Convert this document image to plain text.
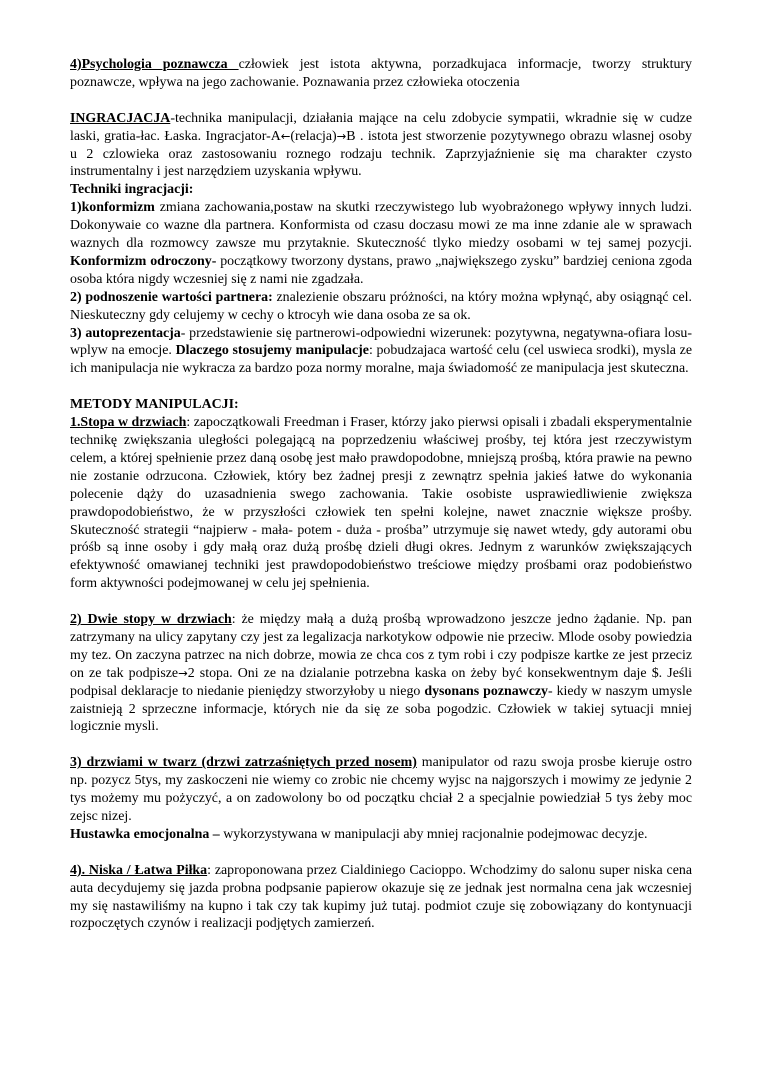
4)Psychologia poznawcza człowiek jest istota aktywna, porzadkujaca informacje, tworzy struktury poznawcze, wpływa na jego zachowanie. Poznawania przez człowieka otoczenia

INGRACJACJA-technika manipulacji, działania mające na celu zdobycie sympatii, wkradnie się w cudze laski, gratia-łac. Łaska. Ingracjator-A←(relacja)→B . istota jest stworzenie pozytywnego obrazu wlasnej osoby u 2 czlowieka oraz zastosowaniu roznego rodzaju technik. Zaprzyjaźnienie się ma charakter czysto instrumentalny i jest narzędziem uzyskania wpływu.

Techniki ingracjacji:

1)konformizm zmiana zachowania,postaw na skutki rzeczywistego lub wyobrażonego wpływy innych ludzi. Dokonywaie co wazne dla partnera. Konformista od czasu doczasu mowi ze ma inne zdanie ale w sprawach waznych dla rozmowcy zawsze mu przytaknie. Skuteczność tlyko miedzy osobami w tej samej pozycji. Konformizm odroczony- początkowy tworzony dystans, prawo „największego zysku” bardziej ceniona zgoda osoba która nigdy wczesniej się z nami nie zgadzała.

2) podnoszenie wartości partnera: znalezienie obszaru próżności, na który można wpłynąć, aby osiągnąć cel. Nieskuteczny gdy celujemy w cechy o ktrocyh wie dana osoba ze sa ok.

3) autoprezentacja- przedstawienie się partnerowi-odpowiedni wizerunek: pozytywna, negatywna-ofiara losu-wplyw na emocje. Dlaczego stosujemy manipulacje: pobudzajaca wartość celu (cel uswieca srodki), mysla ze ich manipulacja nie wykracza za bardzo poza normy moralne, maja świadomość ze manipulacja jest skuteczna.

METODY MANIPULACJI:

1.Stopa w drzwiach: zapoczątkowali Freedman i Fraser, którzy jako pierwsi opisali i zbadali eksperymentalnie technikę zwiększania uległości polegającą na poprzedzeniu właściwej prośby, tej która jest rzeczywistym celem, a której spełnienie przez daną osobę jest mało prawdopodobne, mniejszą prośbą, która prawie na pewno nie zostanie odrzucona. Człowiek, który bez żadnej presji z zewnątrz spełnia jakieś łatwe do wykonania polecenie dąży do uzasadnienia swego zachowania. Takie osobiste usprawiedliwienie zwiększa prawdopodobieństwo, że w przyszłości człowiek ten spełni kolejne, nawet znacznie większe prośby. Skuteczność strategii “najpierw - mała- potem - duża - prośba” utrzymuje się nawet wtedy, gdy autorami obu próśb są inne osoby i gdy małą oraz dużą prośbę dzieli długi okres. Jednym z warunków zwiększających efektywność omawianej techniki jest prawdopodobieństwo treściowe między prośbami oraz podobieństwo form aktywności podejmowanej w celu jej spełnienia.

2) Dwie stopy w drzwiach: że między małą a dużą prośbą wprowadzono jeszcze jedno żądanie. Np. pan zatrzymany na ulicy zapytany czy jest za legalizacja narkotykow odpowie nie przeciw. Mlode osoby powiedzia my tez. On zaczyna patrzec na nich dobrze, mowia ze chca cos z tym robi i czy podpisze kartke ze jest przeciz on ze tak podpisze→2 stopa. Oni ze na dzialanie potrzebna kaska on żeby być konsekwentnym daje $. Jeśli podpisal deklaracje to niedanie pieniędzy stworzyłoby u niego dysonans poznawczy- kiedy w naszym umysle zaistnieją 2 sprzeczne informacje, których nie da się ze soba pogodzic. Człowiek w takiej sytuacji mniej logicznie mysli.

3) drzwiami w twarz (drzwi zatrzaśniętych przed nosem) manipulator od razu swoja prosbe kieruje ostro np. pozycz 5tys, my zaskoczeni nie wiemy co zrobic nie chcemy wyjsc na najgorszych i mowimy ze jedynie 2 tys możemy mu pożyczyć, a on zadowolony bo od początku chciał 2 a specjalnie powiedział 5 tys żeby moc zejsc nizej.

Hustawka emocjonalna – wykorzystywana w manipulacji aby mniej racjonalnie podejmowac decyzje.

4). Niska / Łatwa Piłka: zaproponowana przez Cialdiniego Cacioppo. Wchodzimy do salonu super niska cena auta decydujemy się jazda probna podpsanie papierow okazuje się ze jednak jest normalna cena jak wczesniej my się nastawiliśmy na kupno i tak czy tak kupimy już tutaj. podmiot czuje się zobowiązany do kontynuacji rozpoczętych czynów i realizacji podjętych zamierzeń.
